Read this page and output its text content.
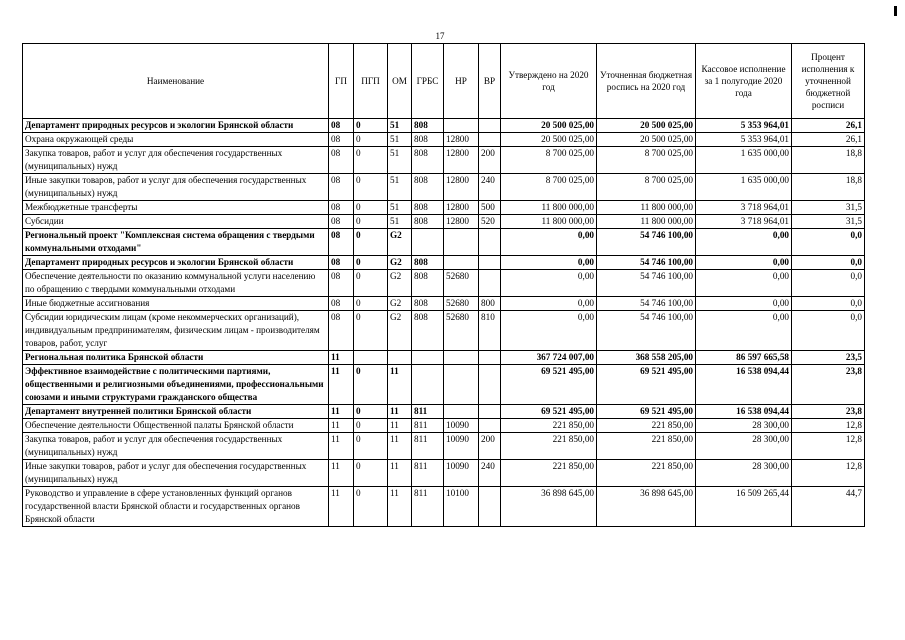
17
Наименование	ГП	ПГП	ОМ	ГРБС	НР	ВР	Утверждено на 2020 год	Уточненная бюджетная роспись на 2020 год	Кассовое исполнение за 1 полугодие 2020 года	Процент исполнения к уточненной бюджетной росписи
Департамент природных ресурсов и экологии Брянской области	08	0	51	808			20 500 025,00	20 500 025,00	5 353 964,01	26,1
Охрана окружающей среды	08	0	51	808	12800		20 500 025,00	20 500 025,00	5 353 964,01	26,1
Закупка товаров, работ и услуг для обеспечения государственных (муниципальных) нужд	08	0	51	808	12800	200	8 700 025,00	8 700 025,00	1 635 000,00	18,8
Иные закупки товаров, работ и услуг для обеспечения государственных (муниципальных) нужд	08	0	51	808	12800	240	8 700 025,00	8 700 025,00	1 635 000,00	18,8
Межбюджетные трансферты	08	0	51	808	12800	500	11 800 000,00	11 800 000,00	3 718 964,01	31,5
Субсидии	08	0	51	808	12800	520	11 800 000,00	11 800 000,00	3 718 964,01	31,5
Региональный проект "Комплексная система обращения с твердыми коммунальными отходами"	08	0	G2				0,00	54 746 100,00	0,00	0,0
Департамент природных ресурсов и экологии Брянской области	08	0	G2	808			0,00	54 746 100,00	0,00	0,0
Обеспечение деятельности по оказанию коммунальной услуги населению по обращению с твердыми коммунальными отходами	08	0	G2	808	52680		0,00	54 746 100,00	0,00	0,0
Иные бюджетные ассигнования	08	0	G2	808	52680	800	0,00	54 746 100,00	0,00	0,0
Субсидии юридическим лицам (кроме некоммерческих организаций), индивидуальным предпринимателям, физическим лицам - производителям товаров, работ, услуг	08	0	G2	808	52680	810	0,00	54 746 100,00	0,00	0,0
Региональная политика Брянской области	11						367 724 007,00	368 558 205,00	86 597 665,58	23,5
Эффективное взаимодействие с политическими партиями, общественными и религиозными объединениями, профессиональными союзами и иными структурами гражданского общества	11	0	11				69 521 495,00	69 521 495,00	16 538 094,44	23,8
Департамент внутренней политики Брянской области	11	0	11	811			69 521 495,00	69 521 495,00	16 538 094,44	23,8
Обеспечение деятельности Общественной палаты Брянской области	11	0	11	811	10090		221 850,00	221 850,00	28 300,00	12,8
Закупка товаров, работ и услуг для обеспечения государственных (муниципальных) нужд	11	0	11	811	10090	200	221 850,00	221 850,00	28 300,00	12,8
Иные закупки товаров, работ и услуг для обеспечения государственных (муниципальных) нужд	11	0	11	811	10090	240	221 850,00	221 850,00	28 300,00	12,8
Руководство и управление в сфере установленных функций органов государственной власти Брянской области и государственных органов Брянской области	11	0	11	811	10100		36 898 645,00	36 898 645,00	16 509 265,44	44,7
